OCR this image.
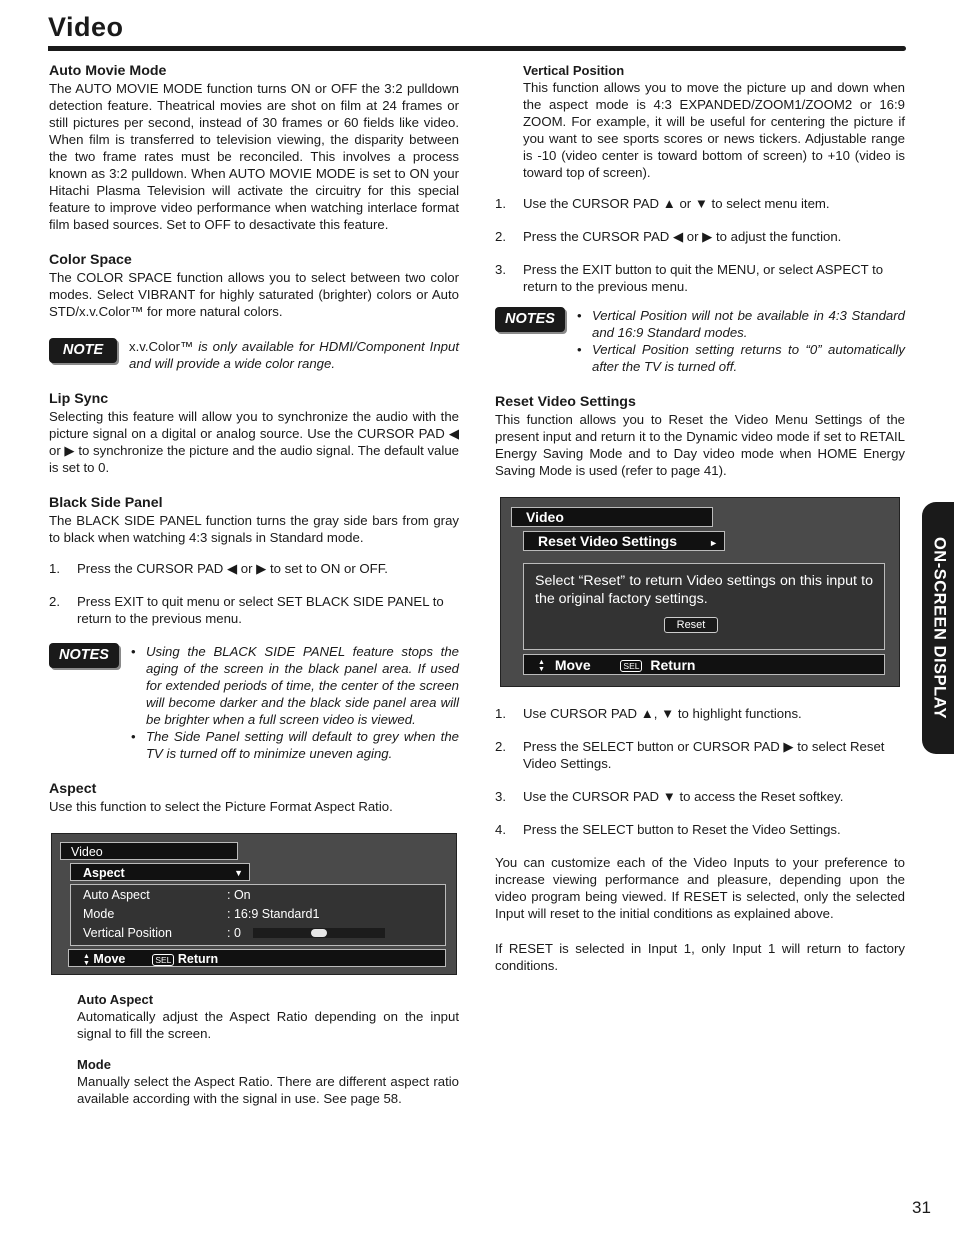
Video
Auto Movie Mode

The AUTO MOVIE MODE function turns ON or OFF the 3:2 pulldown detection feature. Theatrical movies are shot on film at 24 frames or still pictures per second, instead of 30 frames or 60 fields like video. When film is transferred to television viewing, the disparity between the two frame rates must be reconciled. This involves a process known as 3:2 pulldown. When AUTO MOVIE MODE is set to ON your Hitachi Plasma Television will activate the circuitry for this special feature to improve video performance when watching interlace format film based sources. Set to OFF to desactivate this feature.

Color Space

The COLOR SPACE function allows you to select between two color modes. Select VIBRANT for highly saturated (brighter) colors or Auto STD/x.v.Color™ for more natural colors.

NOTE	x.v.Color™ is only available for HDMI/Component Input and will provide a wide color range.

Lip Sync

Selecting this feature will allow you to synchronize the audio with the picture signal on a digital or analog source. Use the CURSOR PAD ◀ or ▶ to synchronize the picture and the audio signal. The default value is set to 0.

Black Side Panel

The BLACK SIDE PANEL function turns the gray side bars from gray to black when watching 4:3 signals in Standard mode.

1. Press the CURSOR PAD ◀ or ▶ to set to ON or OFF.
2. Press EXIT to quit menu or select SET BLACK SIDE PANEL to return to the previous menu.
NOTES	• Using the BLACK SIDE PANEL feature stops the aging of the screen in the black panel area. If used for extended periods of time, the center of the screen will become darker and the black side panel area will be brighter when a full screen video is viewed.
• The Side Panel setting will default to grey when the TV is turned off to minimize uneven aging.
Aspect

Use this function to select the Picture Format Aspect Ratio.

Video
Aspect	▼
Auto Aspect	: On
Mode	: 16:9 Standard1
Vertical Position	: 0
▲
▼ Move	SEL Return
Auto Aspect

Automatically adjust the Aspect Ratio depending on the input signal to fill the screen.

Mode

Manually select the Aspect Ratio. There are different aspect ratio available according with the signal in use. See page 58.

Vertical Position

This function allows you to move the picture up and down when the aspect mode is 4:3 EXPANDED/ZOOM1/ZOOM2 or 16:9 ZOOM. For example, it will be useful for centering the picture if you want to see sports scores or news tickers. Adjustable range is -10 (video center is toward bottom of screen) to +10 (video is toward top of screen).

1. Use the CURSOR PAD ▲ or ▼ to select menu item.
2. Press the CURSOR PAD ◀ or ▶ to adjust the function.
3. Press the EXIT button to quit the MENU, or select ASPECT to return to the previous menu.
NOTES	• Vertical Position will not be available in 4:3 Standard and 16:9 Standard modes.
• Vertical Position setting returns to “0” automatically after the TV is turned off.
Reset Video Settings

This function allows you to Reset the Video Menu Settings of the present input and return it to the Dynamic video mode if set to RETAIL Energy Saving Mode and to Day video mode when HOME Energy Saving Mode is used (refer to page 41).

Video
Reset Video Settings	►

Select “Reset” to return Video settings on this input to the original factory settings.

Reset
▲
▼ Move	SEL Return
1. Use CURSOR PAD ▲, ▼ to highlight functions.
2. Press the SELECT button or CURSOR PAD ▶ to select Reset Video Settings.
3. Use the CURSOR PAD ▼ to access the Reset softkey.
4. Press the SELECT button to Reset the Video Settings.

You can customize each of the Video Inputs to your preference to increase viewing performance and pleasure, depending upon the video program being viewed. If RESET is selected, only the selected Input will reset to the initial conditions as explained above.

If RESET is selected in Input 1, only Input 1 will return to factory conditions.

ON-SCREEN DISPLAY
31
